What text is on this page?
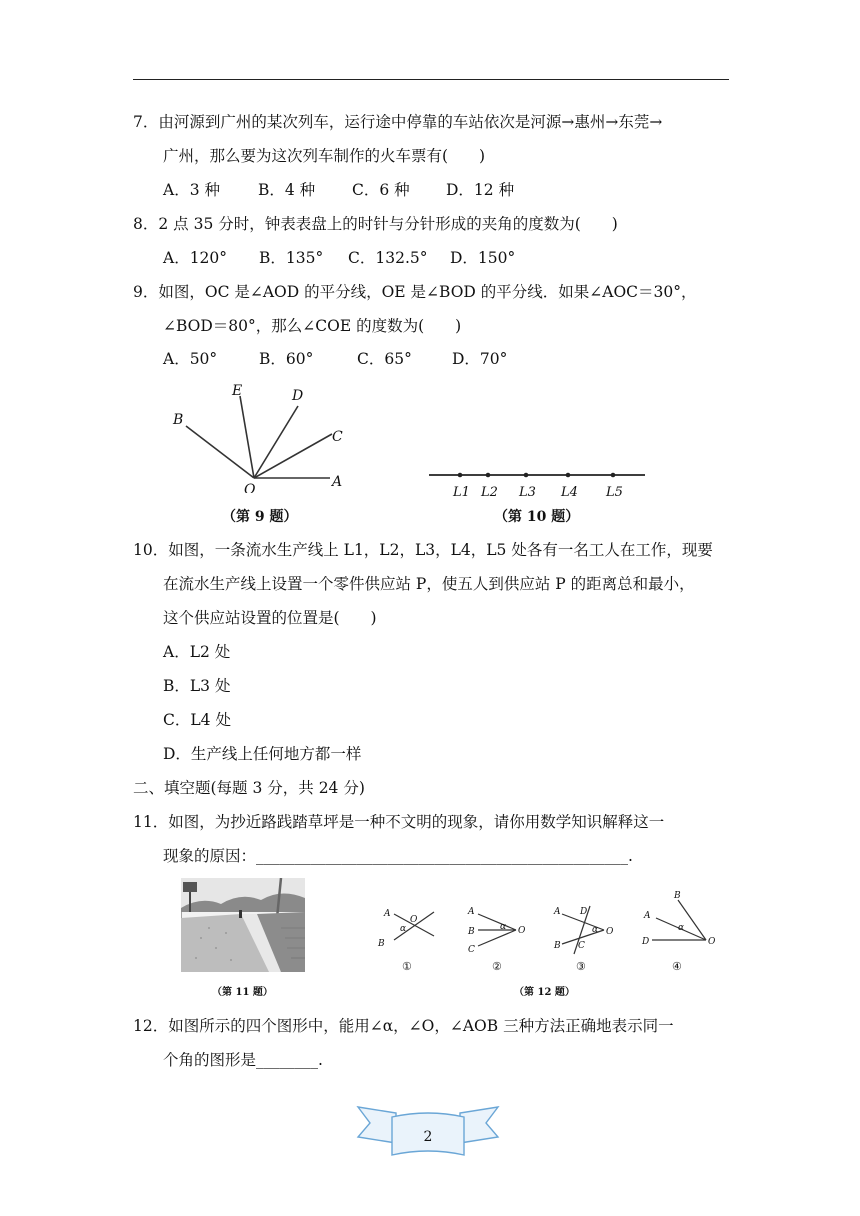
7．由河源到广州的某次列车，运行途中停靠的车站依次是河源→惠州→东莞→
广州，那么要为这次列车制作的火车票有(　　)
A．3 种 B．4 种 C．6 种 D．12 种
8．2 点 35 分时，钟表表盘上的时针与分针形成的夹角的度数为(　　)
A．120° B．135° C．132.5° D．150°
9．如图，OC 是∠AOD 的平分线，OE 是∠BOD 的平分线．如果∠AOC＝30°，
∠BOD＝80°，那么∠COE 的度数为(　　)
A．50°	B．60°	C．65°	D．70°
E	D
B
C
O	A
（第 9 题）
L1 L2 L3 L4 L5
（第 10 题）
10．如图，一条流水生产线上 L1，L2，L3，L4，L5 处各有一名工人在工作，现要
在流水生产线上设置一个零件供应站 P，使五人到供应站 P 的距离总和最小，
这个供应站设置的位置是(　　)
A．L2 处
B．L3 处
C．L4 处
D．生产线上任何地方都一样
二、填空题(每题 3 分，共 24 分)
11．如图，为抄近路践踏草坪是一种不文明的现象，请你用数学知识解释这一
现象的原因：________________________________________________.
（第 11 题）
A
O
α
B
A
α O
B
C
A D
α O
B C
B
A
α
D	O
①	②	③	④
（第 12 题）
12．如图所示的四个图形中，能用∠α，∠O，∠AOB 三种方法正确地表示同一
个角的图形是________.
2
